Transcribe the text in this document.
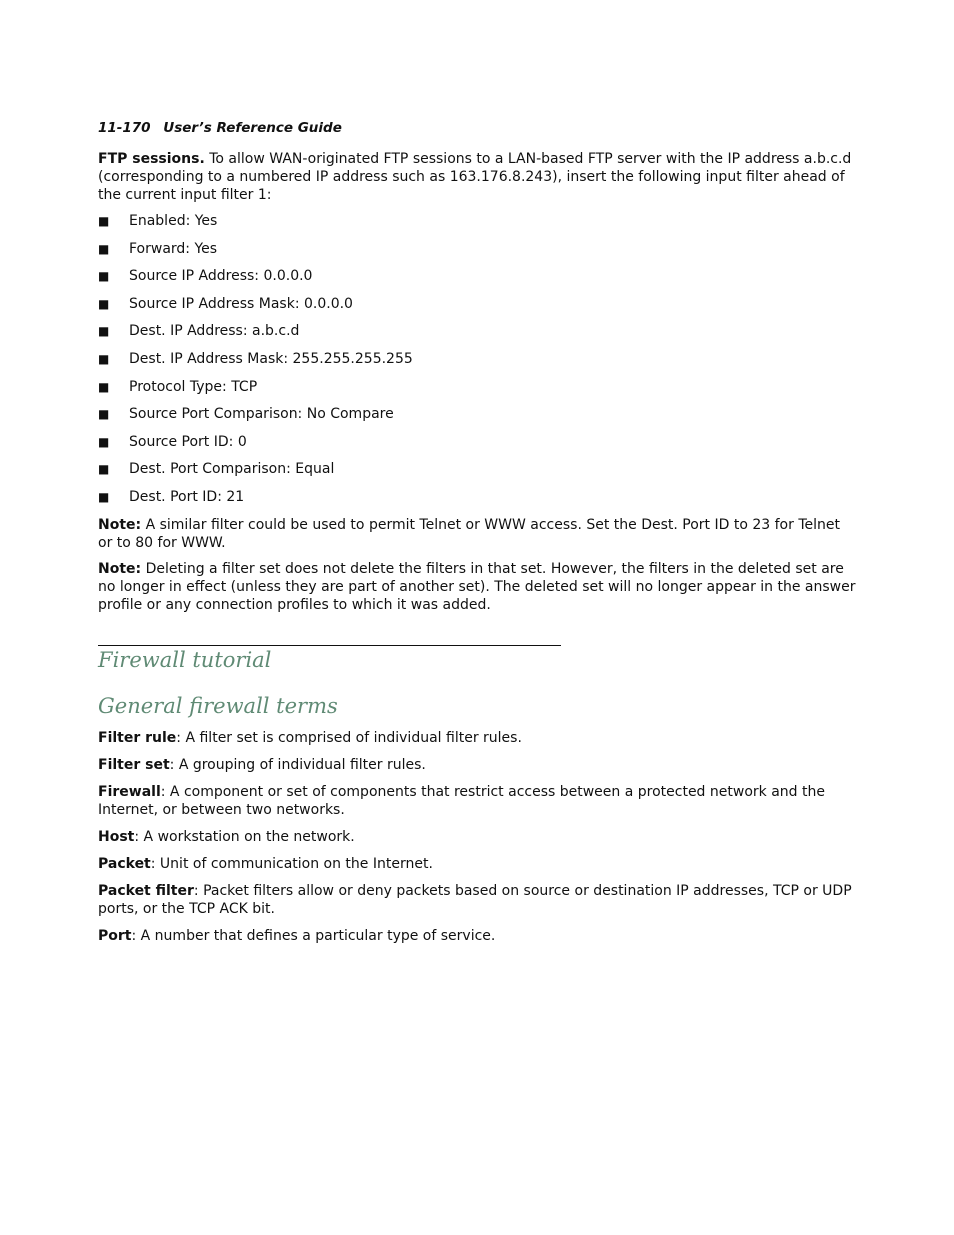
11-170 User’s Reference Guide

FTP sessions. To allow WAN-originated FTP sessions to a LAN-based FTP server with the IP address a.b.c.d (corresponding to a numbered IP address such as 163.176.8.243), insert the following input filter ahead of the current input filter 1:

■ Enabled: Yes
■ Forward: Yes
■ Source IP Address: 0.0.0.0
■ Source IP Address Mask: 0.0.0.0
■ Dest. IP Address: a.b.c.d
■ Dest. IP Address Mask: 255.255.255.255
■ Protocol Type: TCP
■ Source Port Comparison: No Compare
■ Source Port ID: 0
■ Dest. Port Comparison: Equal
■ Dest. Port ID: 21

Note: A similar filter could be used to permit Telnet or WWW access. Set the Dest. Port ID to 23 for Telnet or to 80 for WWW.

Note: Deleting a filter set does not delete the filters in that set. However, the filters in the deleted set are no longer in effect (unless they are part of another set). The deleted set will no longer appear in the answer profile or any connection profiles to which it was added.

Firewall tutorial
General firewall terms

Filter rule: A filter set is comprised of individual filter rules.

Filter set: A grouping of individual filter rules.

Firewall: A component or set of components that restrict access between a protected network and the Internet, or between two networks.

Host: A workstation on the network.

Packet: Unit of communication on the Internet.

Packet filter: Packet filters allow or deny packets based on source or destination IP addresses, TCP or UDP ports, or the TCP ACK bit.

Port: A number that defines a particular type of service.
